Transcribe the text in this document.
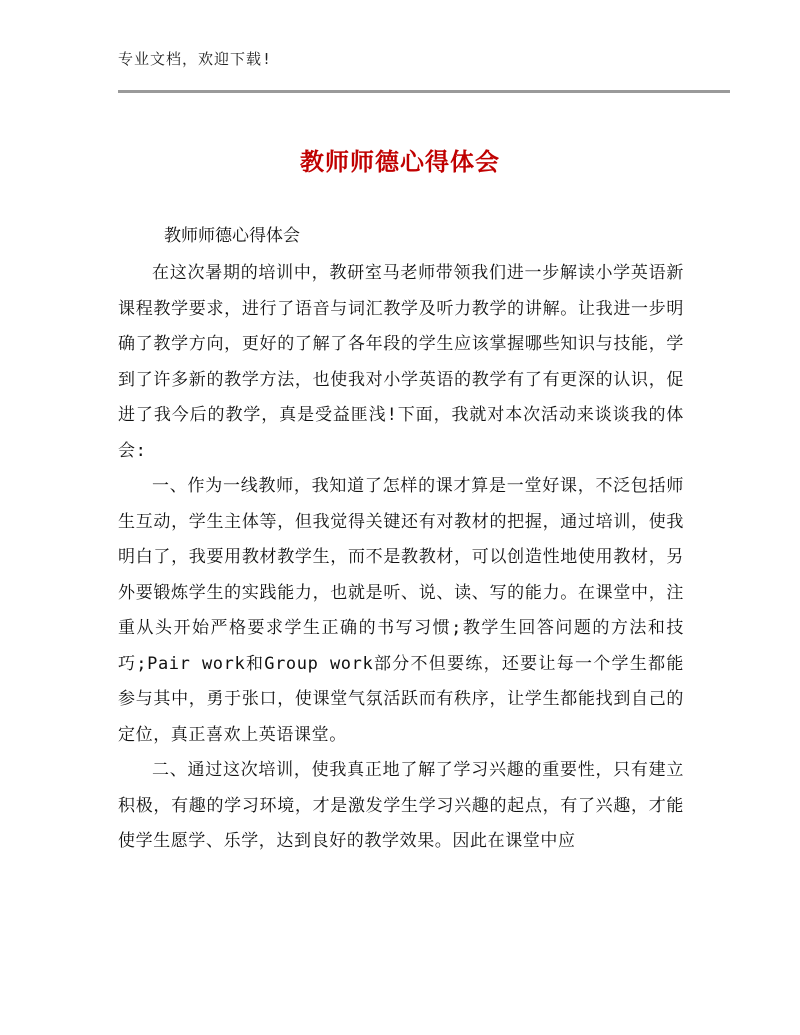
专业文档，欢迎下载!
教师师德心得体会
教师师德心得体会

在这次暑期的培训中，教研室马老师带领我们进一步解读小学英语新课程教学要求，进行了语音与词汇教学及听力教学的讲解。让我进一步明确了教学方向，更好的了解了各年段的学生应该掌握哪些知识与技能，学到了许多新的教学方法，也使我对小学英语的教学有了有更深的认识，促进了我今后的教学，真是受益匪浅!下面，我就对本次活动来谈谈我的体会:

一、作为一线教师，我知道了怎样的课才算是一堂好课，不泛包括师生互动，学生主体等，但我觉得关键还有对教材的把握，通过培训，使我明白了，我要用教材教学生，而不是教教材，可以创造性地使用教材，另外要锻炼学生的实践能力，也就是听、说、读、写的能力。在课堂中，注重从头开始严格要求学生正确的书写习惯;教学生回答问题的方法和技巧;Pair work和Group work部分不但要练，还要让每一个学生都能参与其中，勇于张口，使课堂气氛活跃而有秩序，让学生都能找到自己的定位，真正喜欢上英语课堂。

二、通过这次培训，使我真正地了解了学习兴趣的重要性，只有建立积极，有趣的学习环境，才是激发学生学习兴趣的起点，有了兴趣，才能使学生愿学、乐学，达到良好的教学效果。因此在课堂中应
